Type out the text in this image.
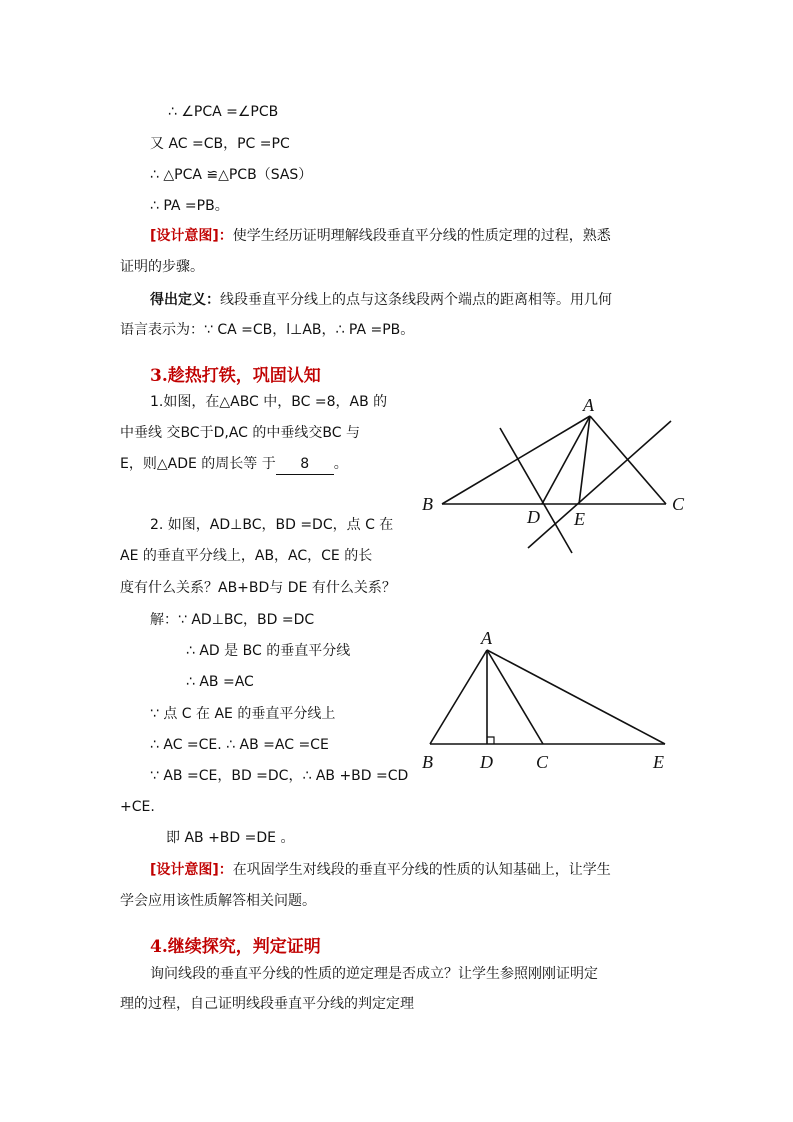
∴ ∠PCA =∠PCB
又 AC =CB，PC =PC
∴ △PCA ≌△PCB（SAS）
∴ PA =PB。
[设计意图]：使学生经历证明理解线段垂直平分线的性质定理的过程，熟悉
证明的步骤。
得出定义：线段垂直平分线上的点与这条线段两个端点的距离相等。用几何
语言表示为：∵ CA =CB，l⊥AB，∴ PA =PB。
3.趁热打铁，巩固认知
1.如图，在△ABC 中，BC =8，AB 的
中垂线 交BC于D,AC 的中垂线交BC 与
E，则△ADE 的周长等 于 8 。
A
B	C
D E
2. 如图，AD⊥BC，BD =DC，点 C 在
AE 的垂直平分线上，AB，AC，CE 的长
度有什么关系？AB+BD与 DE 有什么关系？
解：∵ AD⊥BC，BD =DC
∴ AD 是 BC 的垂直平分线
∴ AB =AC
∵ 点 C 在 AE 的垂直平分线上
∴ AC =CE. ∴ AB =AC =CE
∵ AB =CE，BD =DC，∴ AB +BD =CD
+CE.
即 AB +BD =DE 。
A
B	D C	E
[设计意图]：在巩固学生对线段的垂直平分线的性质的认知基础上，让学生
学会应用该性质解答相关问题。
4.继续探究，判定证明
询问线段的垂直平分线的性质的逆定理是否成立？让学生参照刚刚证明定
理的过程，自己证明线段垂直平分线的判定定理
